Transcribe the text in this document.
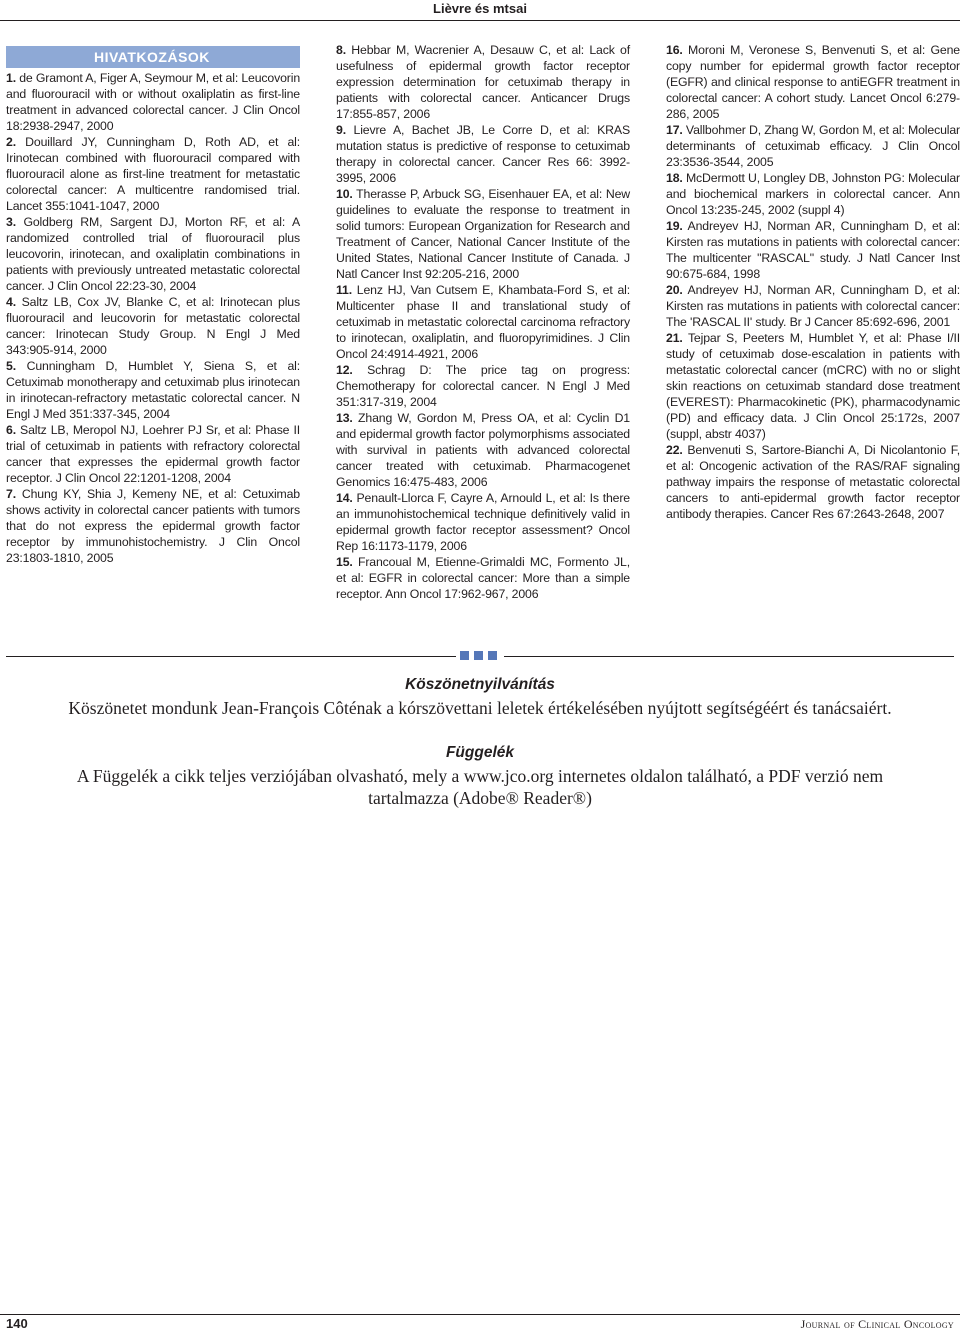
Lièvre és mtsai
HIVATKOZÁSOK

1. de Gramont A, Figer A, Seymour M, et al: Leucovorin and fluorouracil with or without oxaliplatin as first-line treatment in advanced colorectal cancer. J Clin Oncol 18:2938-2947, 2000

2. Douillard JY, Cunningham D, Roth AD, et al: Irinotecan combined with fluorouracil compared with fluorouracil alone as first-line treatment for metastatic colorectal cancer: A multicentre randomised trial. Lancet 355:1041-1047, 2000

3. Goldberg RM, Sargent DJ, Morton RF, et al: A randomized controlled trial of fluorouracil plus leucovorin, irinotecan, and oxaliplatin combinations in patients with previously untreated metastatic colorectal cancer. J Clin Oncol 22:23-30, 2004

4. Saltz LB, Cox JV, Blanke C, et al: Irinotecan plus fluorouracil and leucovorin for metastatic colorectal cancer: Irinotecan Study Group. N Engl J Med 343:905-914, 2000

5. Cunningham D, Humblet Y, Siena S, et al: Cetuximab monotherapy and cetuximab plus irinotecan in irinotecan-refractory metastatic colorectal cancer. N Engl J Med 351:337-345, 2004

6. Saltz LB, Meropol NJ, Loehrer PJ Sr, et al: Phase II trial of cetuximab in patients with refractory colorectal cancer that expresses the epidermal growth factor receptor. J Clin Oncol 22:1201-1208, 2004

7. Chung KY, Shia J, Kemeny NE, et al: Cetuximab shows activity in colorectal cancer patients with tumors that do not express the epidermal growth factor receptor by immunohistochemistry. J Clin Oncol 23:1803-1810, 2005

8. Hebbar M, Wacrenier A, Desauw C, et al: Lack of usefulness of epidermal growth factor receptor expression determination for cetuximab therapy in patients with colorectal cancer. Anticancer Drugs 17:855-857, 2006

9. Lievre A, Bachet JB, Le Corre D, et al: KRAS mutation status is predictive of response to cetuximab therapy in colorectal cancer. Cancer Res 66: 3992-3995, 2006

10. Therasse P, Arbuck SG, Eisenhauer EA, et al: New guidelines to evaluate the response to treatment in solid tumors: European Organization for Research and Treatment of Cancer, National Cancer Institute of the United States, National Cancer Institute of Canada. J Natl Cancer Inst 92:205-216, 2000

11. Lenz HJ, Van Cutsem E, Khambata-Ford S, et al: Multicenter phase II and translational study of cetuximab in metastatic colorectal carcinoma refractory to irinotecan, oxaliplatin, and fluoropyrimidines. J Clin Oncol 24:4914-4921, 2006

12. Schrag D: The price tag on progress: Chemotherapy for colorectal cancer. N Engl J Med 351:317-319, 2004

13. Zhang W, Gordon M, Press OA, et al: Cyclin D1 and epidermal growth factor polymorphisms associated with survival in patients with advanced colorectal cancer treated with cetuximab. Pharmacogenet Genomics 16:475-483, 2006

14. Penault-Llorca F, Cayre A, Arnould L, et al: Is there an immunohistochemical technique definitively valid in epidermal growth factor receptor assessment? Oncol Rep 16:1173-1179, 2006

15. Francoual M, Etienne-Grimaldi MC, Formento JL, et al: EGFR in colorectal cancer: More than a simple receptor. Ann Oncol 17:962-967, 2006

16. Moroni M, Veronese S, Benvenuti S, et al: Gene copy number for epidermal growth factor receptor (EGFR) and clinical response to antiEGFR treatment in colorectal cancer: A cohort study. Lancet Oncol 6:279-286, 2005

17. Vallbohmer D, Zhang W, Gordon M, et al: Molecular determinants of cetuximab efficacy. J Clin Oncol 23:3536-3544, 2005

18. McDermott U, Longley DB, Johnston PG: Molecular and biochemical markers in colorectal cancer. Ann Oncol 13:235-245, 2002 (suppl 4)

19. Andreyev HJ, Norman AR, Cunningham D, et al: Kirsten ras mutations in patients with colorectal cancer: The multicenter "RASCAL" study. J Natl Cancer Inst 90:675-684, 1998

20. Andreyev HJ, Norman AR, Cunningham D, et al: Kirsten ras mutations in patients with colorectal cancer: The 'RASCAL II' study. Br J Cancer 85:692-696, 2001

21. Tejpar S, Peeters M, Humblet Y, et al: Phase I/II study of cetuximab dose-escalation in patients with metastatic colorectal cancer (mCRC) with no or slight skin reactions on cetuximab standard dose treatment (EVEREST): Pharmacokinetic (PK), pharmacodynamic (PD) and efficacy data. J Clin Oncol 25:172s, 2007 (suppl, abstr 4037)

22. Benvenuti S, Sartore-Bianchi A, Di Nicolantonio F, et al: Oncogenic activation of the RAS/RAF signaling pathway impairs the response of metastatic colorectal cancers to anti-epidermal growth factor receptor antibody therapies. Cancer Res 67:2643-2648, 2007

Köszönetnyilvánítás
Köszönetet mondunk Jean-François Côténak a kórszövettani leletek értékelésében nyújtott segítségéért és tanácsaiért.
Függelék
A Függelék a cikk teljes verziójában olvasható, mely a www.jco.org internetes oldalon található, a PDF verzió nem tartalmazza (Adobe® Reader®)
140	Journal of Clinical Oncology
